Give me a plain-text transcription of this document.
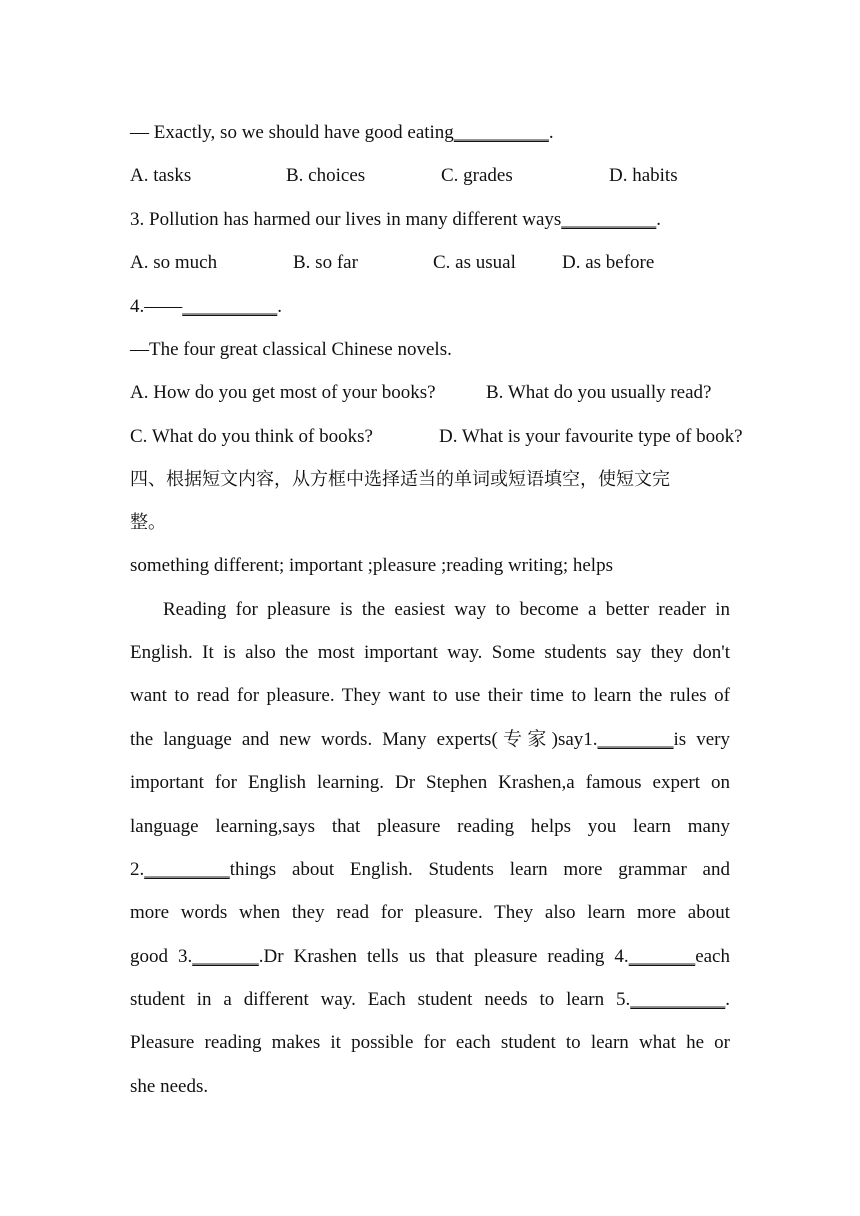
— Exactly, so we should have good eating__________.
A. tasks	B. choices	C. grades	D. habits
3. Pollution has harmed our lives in many different ways__________.
A. so much	B. so far	C. as usual D. as before
4.——__________.
—The four great classical Chinese novels.
A. How do you get most of your books?	B. What do you usually read?
C. What do you think of books?	D. What is your favourite type of book?
四、根据短文内容，从方框中选择适当的单词或短语填空，使短文完
整。
something different; important ;pleasure ;reading writing; helps
Reading for pleasure is the easiest way to become a better reader in
English. It is also the most important way. Some students say they don't
want to read for pleasure. They want to use their time to learn the rules of
the language and new words. Many experts(专家)say1.________is very
important for English learning. Dr Stephen Krashen,a famous expert on
language learning,says that pleasure reading helps you learn many
2._________things about English. Students learn more grammar and
more words when they read for pleasure. They also learn more about
good 3._______.Dr Krashen tells us that pleasure reading 4._______each
student in a different way. Each student needs to learn 5.__________.
Pleasure reading makes it possible for each student to learn what he or
she needs.
